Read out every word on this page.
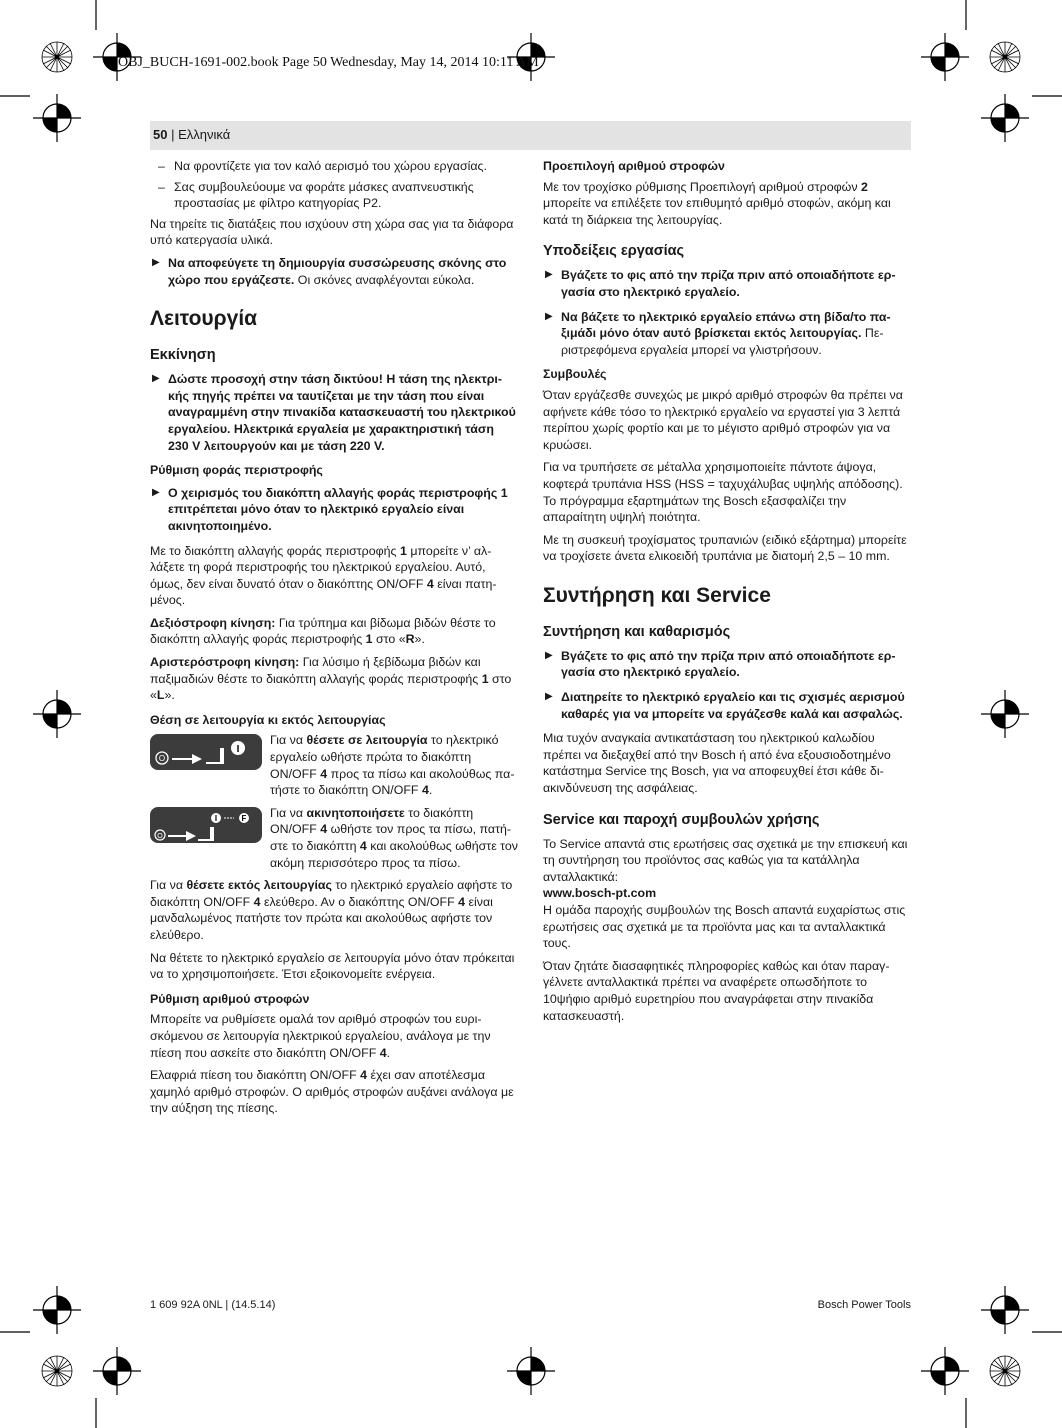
OBJ_BUCH-1691-002.book Page 50 Wednesday, May 14, 2014 10:11 AM
50 | Ελληνικά
– Να φροντίζετε για τον καλό αερισμό του χώρου εργασίας.
– Σας συμβουλεύουμε να φοράτε μάσκες αναπνευστικής προστασίας με φίλτρο κατηγορίας P2.

Να τηρείτε τις διατάξεις που ισχύουν στη χώρα σας για τα διάφορα υπό κατεργασία υλικά.

▶ Να αποφεύγετε τη δημιουργία συσσώρευσης σκόνης στο χώρο που εργάζεστε. Οι σκόνες αναφλέγονται εύκολα.
Λειτουργία
Εκκίνηση
▶ Δώστε προσοχή στην τάση δικτύου! Η τάση της ηλεκτρικής πηγής πρέπει να ταυτίζεται με την τάση που είναι αναγραμμένη στην πινακίδα κατασκευαστή του ηλεκτρικού εργαλείου. Ηλεκτρικά εργαλεία με χαρακτηριστική τάση 230 V λειτουργούν και με τάση 220 V.
Ρύθμιση φοράς περιστροφής
▶ Ο χειρισμός του διακόπτη αλλαγής φοράς περιστροφής 1 επιτρέπεται μόνο όταν το ηλεκτρικό εργαλείο είναι ακινητοποιημένο.

Με το διακόπτη αλλαγής φοράς περιστροφής 1 μπορείτε ν’ αλλάξετε τη φορά περιστροφής του ηλεκτρικού εργαλείου. Αυτό, όμως, δεν είναι δυνατό όταν ο διακόπτης ON/OFF 4 είναι πατημένος.

Δεξιόστροφη κίνηση: Για τρύπημα και βίδωμα βιδών θέστε το διακόπτη αλλαγής φοράς περιστροφής 1 στο «R».

Αριστερόστροφη κίνηση: Για λύσιμο ή ξεβίδωμα βιδών και παξιμαδιών θέστε το διακόπτη αλλαγής φοράς περιστροφής 1 στο «L».

Θέση σε λειτουργία κι εκτός λειτουργίας
O
I
Για να θέσετε σε λειτουργία το ηλεκτρικό εργαλείο ωθήστε πρώτα το διακόπτη ON/OFF 4 προς τα πίσω και ακολούθως πατήστε το διακόπτη ON/OFF 4.
O
I	F Για να ακινητοποιήσετε το διακόπτη ON/OFF 4 ωθήστε τον προς τα πίσω, πατήστε το διακόπτη 4 και ακολούθως ωθήστε τον ακόμη περισσότερο προς τα πίσω.

Για να θέσετε εκτός λειτουργίας το ηλεκτρικό εργαλείο αφήστε το διακόπτη ON/OFF 4 ελεύθερο. Αν ο διακόπτης ON/OFF 4 είναι μανδαλωμένος πατήστε τον πρώτα και ακολούθως αφήστε τον ελεύθερο.

Να θέτετε το ηλεκτρικό εργαλείο σε λειτουργία μόνο όταν πρόκειται να το χρησιμοποιήσετε. Έτσι εξοικονομείτε ενέργεια.

Ρύθμιση αριθμού στροφών

Μπορείτε να ρυθμίσετε ομαλά τον αριθμό στροφών του ευρισκόμενου σε λειτουργία ηλεκτρικού εργαλείου, ανάλογα με την πίεση που ασκείτε στο διακόπτη ON/OFF 4.

Ελαφριά πίεση του διακόπτη ON/OFF 4 έχει σαν αποτέλεσμα χαμηλό αριθμό στροφών. Ο αριθμός στροφών αυξάνει ανάλογα με την αύξηση της πίεσης.

Προεπιλογή αριθμού στροφών

Με τον τροχίσκο ρύθμισης Προεπιλογή αριθμού στροφών 2 μπορείτε να επιλέξετε τον επιθυμητό αριθμό στοφών, ακόμη και κατά τη διάρκεια της λειτουργίας.

Υποδείξεις εργασίας
▶ Βγάζετε το φις από την πρίζα πριν από οποιαδήποτε εργασία στο ηλεκτρικό εργαλείο.
▶ Να βάζετε το ηλεκτρικό εργαλείο επάνω στη βίδα/το παξιμάδι μόνο όταν αυτό βρίσκεται εκτός λειτουργίας. Περιστρεφόμενα εργαλεία μπορεί να γλιστρήσουν.
Συμβουλές

Όταν εργάζεσθε συνεχώς με μικρό αριθμό στροφών θα πρέπει να αφήνετε κάθε τόσο το ηλεκτρικό εργαλείο να εργαστεί για 3 λεπτά περίπου χωρίς φορτίο και με το μέγιστο αριθμό στροφών για να κρυώσει.

Για να τρυπήσετε σε μέταλλα χρησιμοποιείτε πάντοτε άψογα, κοφτερά τρυπάνια HSS (HSS = ταχυχάλυβας υψηλής απόδοσης). Το πρόγραμμα εξαρτημάτων της Bosch εξασφαλίζει την απαραίτητη υψηλή ποιότητα.

Με τη συσκευή τροχίσματος τρυπανιών (ειδικό εξάρτημα) μπορείτε να τροχίσετε άνετα ελικοειδή τρυπάνια με διατομή 2,5 – 10 mm.

Συντήρηση και Service
Συντήρηση και καθαρισμός
▶ Βγάζετε το φις από την πρίζα πριν από οποιαδήποτε εργασία στο ηλεκτρικό εργαλείο.
▶ Διατηρείτε το ηλεκτρικό εργαλείο και τις σχισμές αερισμού καθαρές για να μπορείτε να εργάζεσθε καλά και ασφαλώς.

Μια τυχόν αναγκαία αντικατάσταση του ηλεκτρικού καλωδίου πρέπει να διεξαχθεί από την Bosch ή από ένα εξουσιοδοτημένο κατάστημα Service της Bosch, για να αποφευχθεί έτσι κάθε διακινδύνευση της ασφάλειας.

Service και παροχή συμβουλών χρήσης

Το Service απαντά στις ερωτήσεις σας σχετικά με την επισκευή και τη συντήρηση του προϊόντος σας καθώς για τα κατάλληλα ανταλλακτικά:

www.bosch-pt.com

Η ομάδα παροχής συμβουλών της Bosch απαντά ευχαρίστως στις ερωτήσεις σας σχετικά με τα προϊόντα μας και τα ανταλλακτικά τους.

Όταν ζητάτε διασαφητικές πληροφορίες καθώς και όταν παραγγέλνετε ανταλλακτικά πρέπει να αναφέρετε οπωσδήποτε το 10ψήφιο αριθμό ευρετηρίου που αναγράφεται στην πινακίδα κατασκευαστή.

1 609 92A 0NL | (14.5.14)	Bosch Power Tools
